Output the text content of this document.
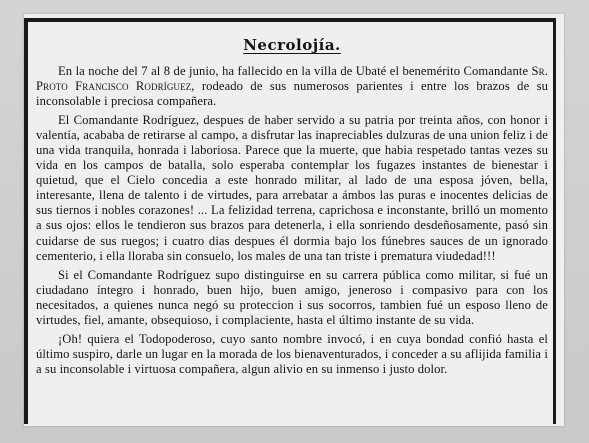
Necrolojía.

En la noche del 7 al 8 de junio, ha fallecido en la villa de Ubaté el benemérito Comandante Sr. Proto Francisco Rodríguez, rodeado de sus numerosos parientes i entre los brazos de su inconsolable i preciosa compañera.

El Comandante Rodríguez, despues de haber servido a su patria por treinta años, con honor i valentía, acababa de retirarse al campo, a disfrutar las inapreciables dulzuras de una union feliz i de una vida tranquila, honrada i laboriosa. Parece que la muerte, que habia respetado tantas vezes su vida en los campos de batalla, solo esperaba contemplar los fugazes instantes de bienestar i quietud, que el Cielo concedia a este honrado militar, al lado de una esposa jóven, bella, interesante, llena de talento i de virtudes, para arrebatar a ámbos las puras e inocentes delicias de sus tiernos i nobles corazones! ... La felizidad terrena, caprichosa e inconstante, brilló un momento a sus ojos: ellos le tendieron sus brazos para detenerla, i ella sonriendo desdeñosamente, pasó sin cuidarse de sus ruegos; i cuatro dias despues él dormia bajo los fúnebres sauces de un ignorado cementerio, i ella lloraba sin consuelo, los males de una tan triste i prematura viudedad!!!

Si el Comandante Rodríguez supo distinguirse en su carrera pública como militar, si fué un ciudadano íntegro i honrado, buen hijo, buen amigo, jeneroso i compasivo para con los necesitados, a quienes nunca negó su proteccion i sus socorros, tambien fué un esposo lleno de virtudes, fiel, amante, obsequioso, i complaciente, hasta el último instante de su vida.

¡Oh! quiera el Todopoderoso, cuyo santo nombre invocó, i en cuya bondad confió hasta el último suspiro, darle un lugar en la morada de los bienaventurados, i conceder a su aflijida familia i a su inconsolable i virtuosa compañera, algun alivio en su inmenso i justo dolor.
